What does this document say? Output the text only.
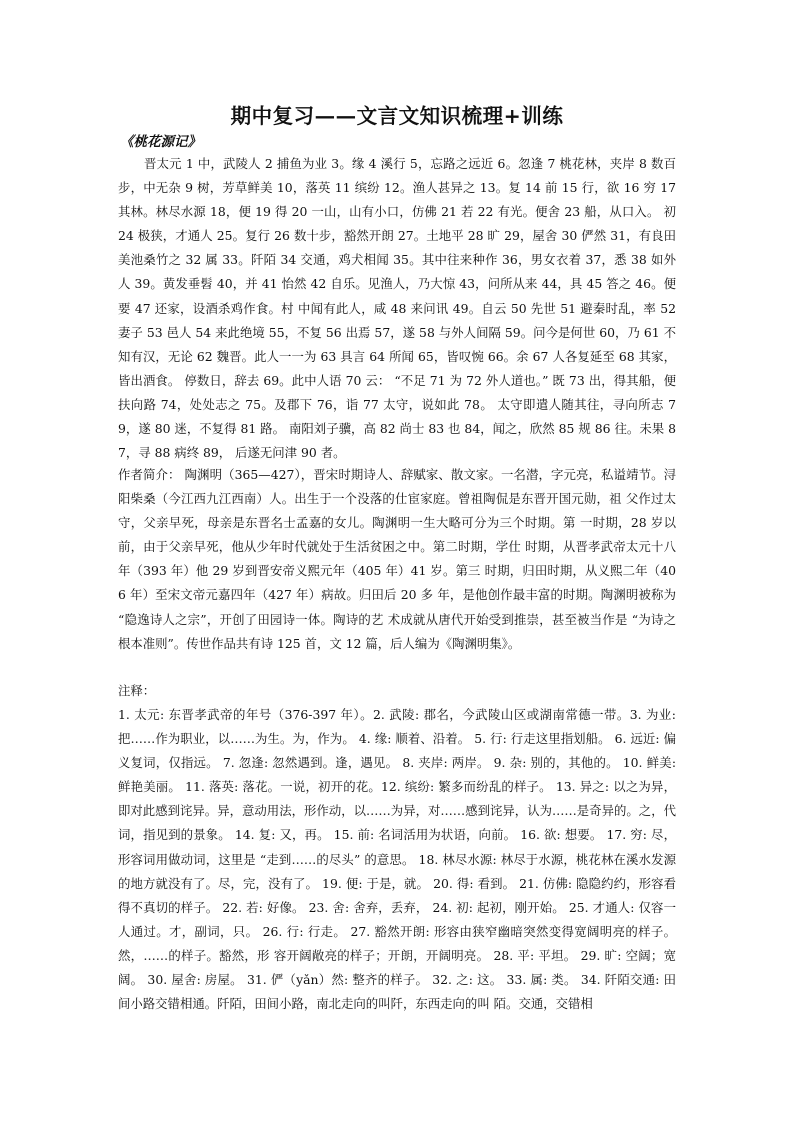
期中复习——文言文知识梳理+训练
《桃花源记》
晋太元 1 中，武陵人 2 捕鱼为业 3。缘 4 溪行 5，忘路之远近 6。忽逢 7 桃花林，夹岸 8 数百步，中无杂 9 树，芳草鲜美 10，落英 11 缤纷 12。渔人甚异之 13。复 14 前 15 行，欲 16 穷 17 其林。林尽水源 18，便 19 得 20 一山，山有小口，仿佛 21 若 22 有光。便舍 23 船，从口入。 初 24 极狭，才通人 25。复行 26 数十步，豁然开朗 27。土地平 28 旷 29，屋舍 30 俨然 31，有良田美池桑竹之 32 属 33。阡陌 34 交通，鸡犬相闻 35。其中往来种作 36，男女衣着 37，悉 38 如外人 39。黄发垂髫 40，并 41 怡然 42 自乐。见渔人，乃大惊 43，问所从来 44，具 45 答之 46。便要 47 还家，设酒杀鸡作食。村 中闻有此人，咸 48 来问讯 49。自云 50 先世 51 避秦时乱，率 52 妻子 53 邑人 54 来此绝境 55，不复 56 出焉 57，遂 58 与外人间隔 59。问今是何世 60，乃 61 不知有汉，无论 62 魏晋。此人一一为 63 具言 64 所闻 65，皆叹惋 66。余 67 人各复延至 68 其家，皆出酒食。 停数日，辞去 69。此中人语 70 云： “不足 71 为 72 外人道也。” 既 73 出，得其船，便扶向路 74，处处志之 75。及郡下 76，诣 77 太守，说如此 78。 太守即遣人随其往，寻向所志 79，遂 80 迷，不复得 81 路。 南阳刘子骥，高 82 尚士 83 也 84，闻之，欣然 85 规 86 往。未果 87，寻 88 病终 89， 后遂无问津 90 者。
作者简介： 陶渊明（365—427），晋宋时期诗人、辞赋家、散文家。一名潜，字元亮，私谥靖节。浔阳柴桑（今江西九江西南）人。出生于一个没落的仕宦家庭。曾祖陶侃是东晋开国元勋，祖 父作过太守，父亲早死，母亲是东晋名士孟嘉的女儿。陶渊明一生大略可分为三个时期。第 一时期，28 岁以前，由于父亲早死，他从少年时代就处于生活贫困之中。第二时期，学仕 时期，从晋孝武帝太元十八年（393 年）他 29 岁到晋安帝义熙元年（405 年）41 岁。第三 时期，归田时期，从义熙二年（406 年）至宋文帝元嘉四年（427 年）病故。归田后 20 多 年，是他创作最丰富的时期。陶渊明被称为 “隐逸诗人之宗”，开创了田园诗一体。陶诗的艺 术成就从唐代开始受到推崇，甚至被当作是 “为诗之根本准则”。传世作品共有诗 125 首，文 12 篇，后人编为《陶渊明集》。
注释：
1. 太元: 东晋孝武帝的年号（376-397 年）。2. 武陵: 郡名，今武陵山区或湖南常德一带。3. 为业: 把……作为职业，以……为生。为，作为。 4. 缘: 顺着、沿着。 5. 行: 行走这里指划船。 6. 远近: 偏义复词，仅指远。 7. 忽逢: 忽然遇到。逢，遇见。 8. 夹岸: 两岸。 9. 杂: 别的，其他的。 10. 鲜美: 鲜艳美丽。 11. 落英: 落花。一说，初开的花。12. 缤纷: 繁多而纷乱的样子。 13. 异之: 以之为异，即对此感到诧异。异，意动用法，形作动，以……为异，对……感到诧异，认为……是奇异的。之，代词，指见到的景象。 14. 复: 又，再。 15. 前: 名词活用为状语，向前。 16. 欲: 想要。 17. 穷: 尽，形容词用做动词，这里是 “走到……的尽头” 的意思。 18. 林尽水源: 林尽于水源，桃花林在溪水发源的地方就没有了。尽，完，没有了。 19. 便: 于是，就。 20. 得: 看到。 21. 仿佛: 隐隐约约，形容看得不真切的样子。 22. 若: 好像。 23. 舍: 舍弃，丢弃， 24. 初: 起初，刚开始。 25. 才通人: 仅容一人通过。才，副词，只。 26. 行: 行走。 27. 豁然开朗: 形容由狭窄幽暗突然变得宽阔明亮的样子。然，……的样子。豁然，形 容开阔敞亮的样子；开朗，开阔明亮。 28. 平: 平坦。 29. 旷: 空阔；宽阔。 30. 屋舍: 房屋。 31. 俨（yǎn）然: 整齐的样子。 32. 之: 这。 33. 属: 类。 34. 阡陌交通: 田间小路交错相通。阡陌，田间小路，南北走向的叫阡，东西走向的叫 陌。交通，交错相
